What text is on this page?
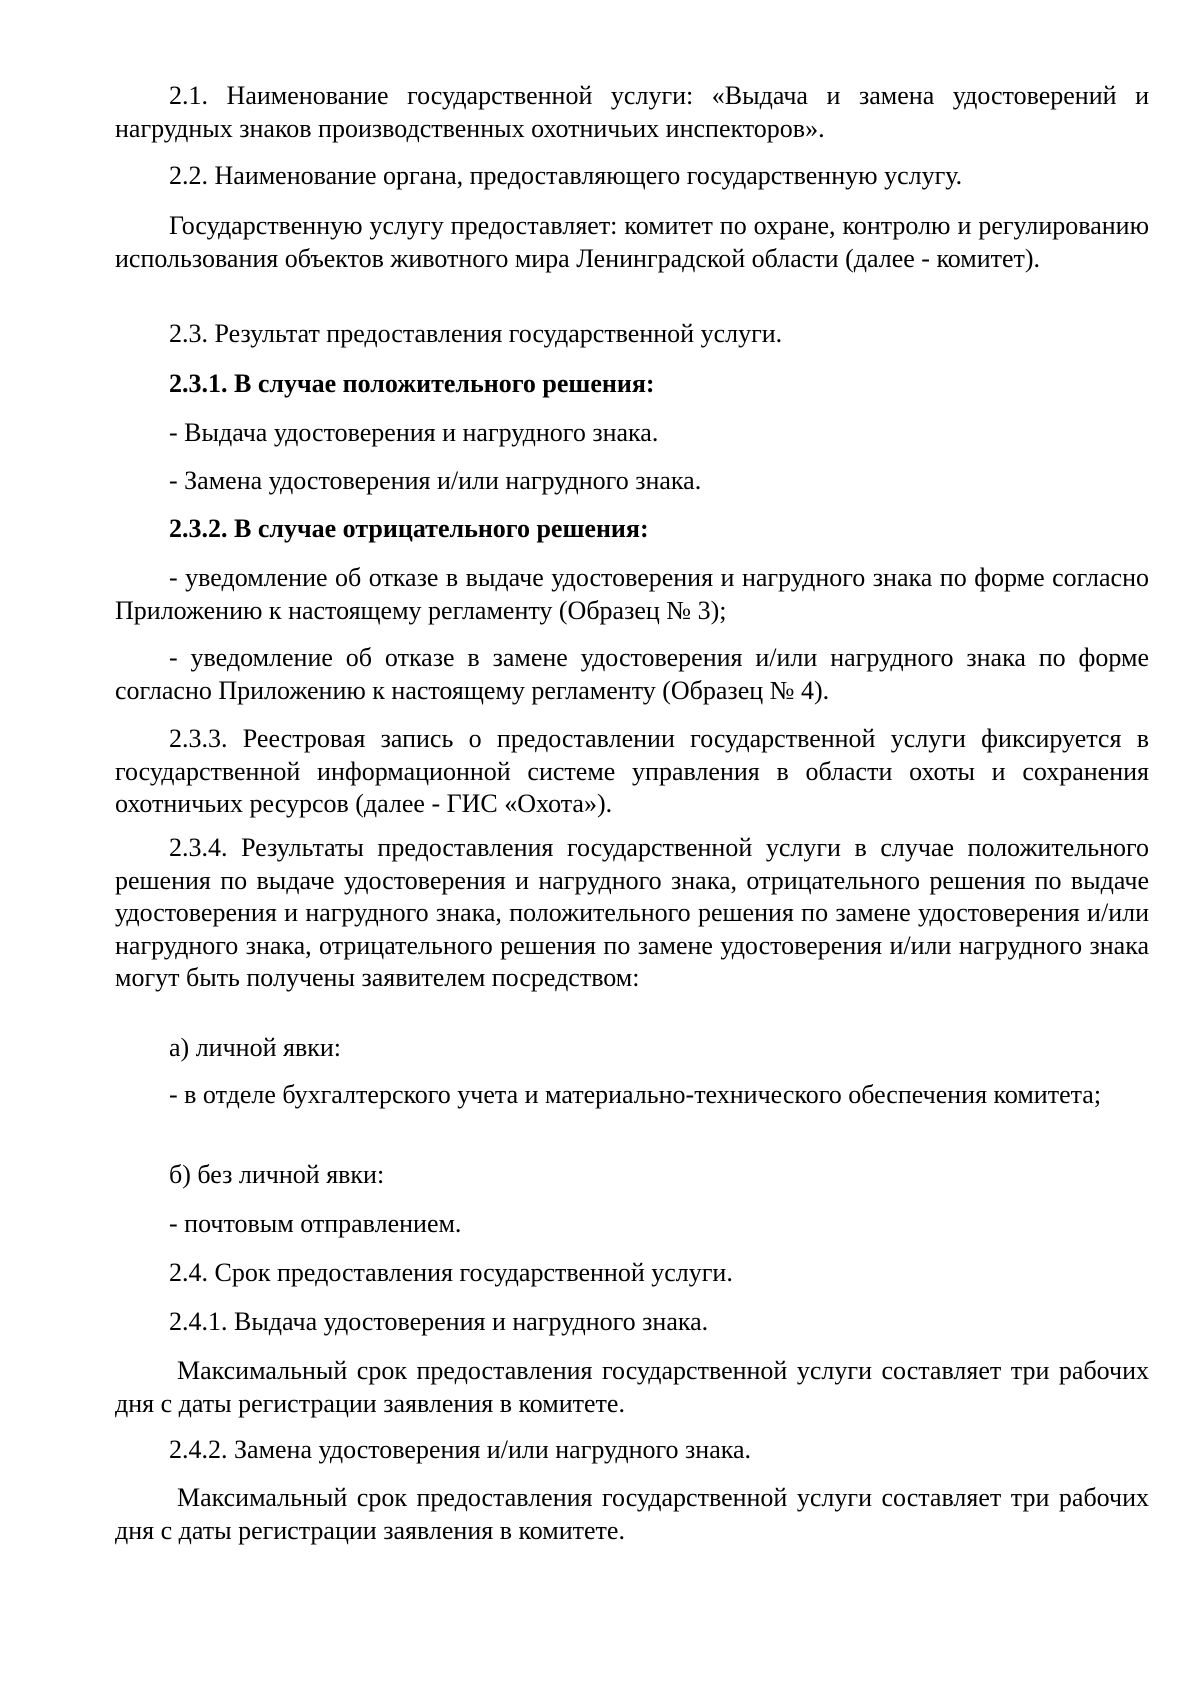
2.1. Наименование государственной услуги: «Выдача и замена удостоверений и нагрудных знаков производственных охотничьих инспекторов».

2.2. Наименование органа, предоставляющего государственную услугу.

Государственную услугу предоставляет: комитет по охране, контролю и регулированию использования объектов животного мира Ленинградской области (далее - комитет).

2.3. Результат предоставления государственной услуги.

2.3.1. В случае положительного решения:

- Выдача удостоверения и нагрудного знака.

- Замена удостоверения и/или нагрудного знака.

2.3.2. В случае отрицательного решения:

- уведомление об отказе в выдаче удостоверения и нагрудного знака по форме согласно Приложению к настоящему регламенту (Образец № 3);

- уведомление об отказе в замене удостоверения и/или нагрудного знака по форме согласно Приложению к настоящему регламенту (Образец № 4).

2.3.3. Реестровая запись о предоставлении государственной услуги фиксируется в государственной информационной системе управления в области охоты и сохранения охотничьих ресурсов (далее - ГИС «Охота»).

2.3.4. Результаты предоставления государственной услуги в случае положительного решения по выдаче удостоверения и нагрудного знака, отрицательного решения по выдаче удостоверения и нагрудного знака, положительного решения по замене удостоверения и/или нагрудного знака, отрицательного решения по замене удостоверения и/или нагрудного знака могут быть получены заявителем посредством:

а) личной явки:

- в отделе бухгалтерского учета и материально-технического обеспечения комитета;

б) без личной явки:

- почтовым отправлением.

2.4. Срок предоставления государственной услуги.

2.4.1. Выдача удостоверения и нагрудного знака.

Максимальный срок предоставления государственной услуги составляет три рабочих дня с даты регистрации заявления в комитете.

2.4.2. Замена удостоверения и/или нагрудного знака.

Максимальный срок предоставления государственной услуги составляет три рабочих дня с даты регистрации заявления в комитете.
